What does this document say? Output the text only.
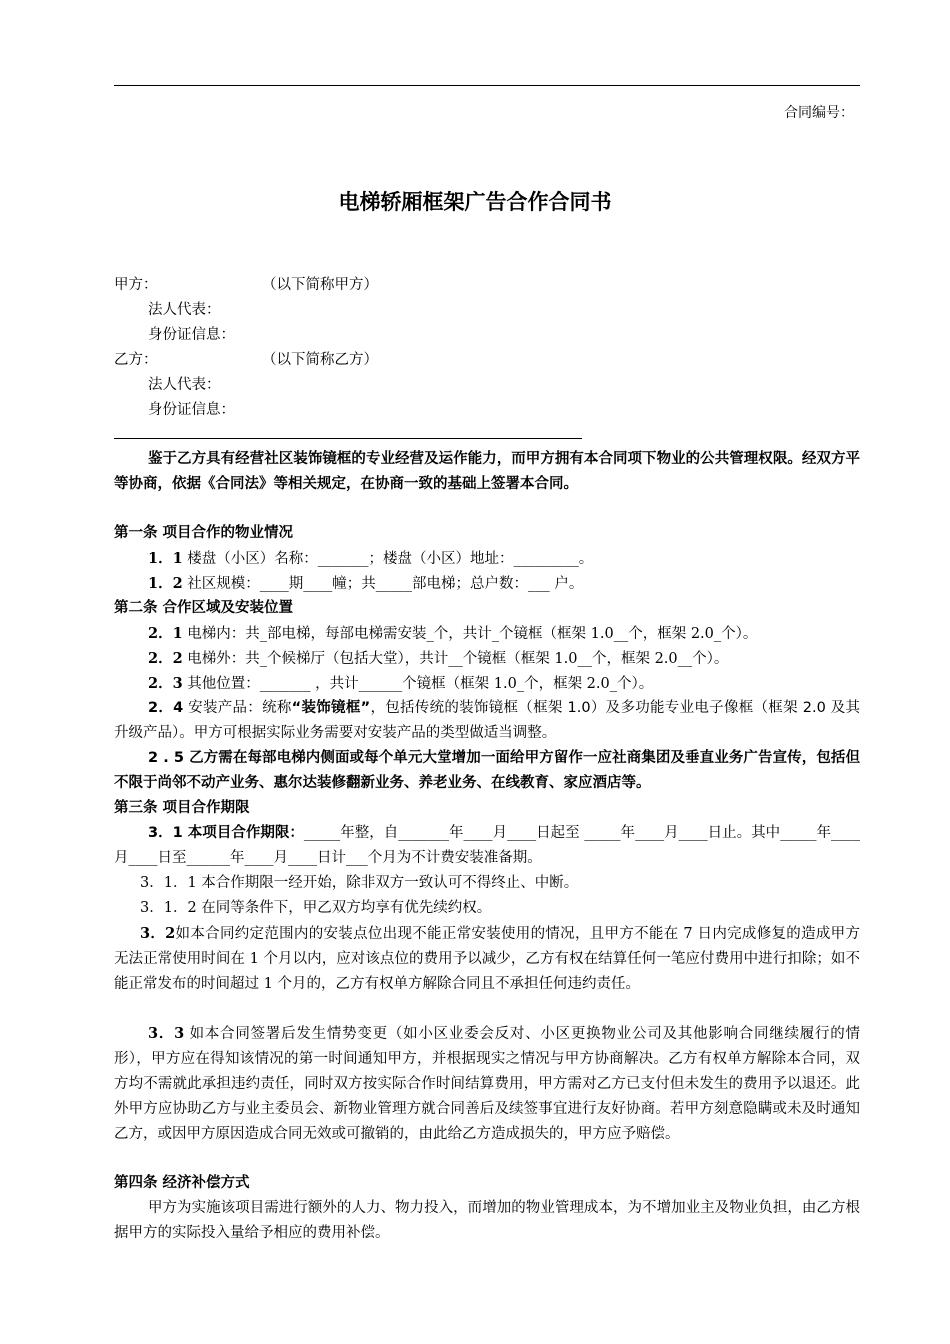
合同编号：
电梯轿厢框架广告合作合同书
甲方：	（以下简称甲方）
法人代表：
身份证信息：
乙方：	（以下简称乙方）
法人代表：
身份证信息：
鉴于乙方具有经营社区装饰镜框的专业经营及运作能力，而甲方拥有本合同项下物业的公共管理权限。经双方平等协商，依据《合同法》等相关规定，在协商一致的基础上签署本合同。
第一条 项目合作的物业情况
1．1 楼盘（小区）名称：_______；楼盘（小区）地址：_________。
1．2 社区规模：____期____幢；共_____部电梯；总户数：___ 户。
第二条 合作区域及安装位置
2．1 电梯内：共_部电梯，每部电梯需安装_个，共计_个镜框（框架 1.0__个，框架 2.0_个）。
2．2 电梯外：共_个候梯厅（包括大堂），共计__个镜框（框架 1.0__个，框架 2.0__个）。
2．3 其他位置：_______ ，共计______个镜框（框架 1.0_个，框架 2.0_个）。
2．4 安装产品：统称“装饰镜框”，包括传统的装饰镜框（框架 1.0）及多功能专业电子像框（框架 2.0 及其升级产品）。甲方可根据实际业务需要对安装产品的类型做适当调整。
2 . 5 乙方需在每部电梯内侧面或每个单元大堂增加一面给甲方留作一应社商集团及垂直业务广告宣传，包括但不限于尚邻不动产业务、惠尔达装修翻新业务、养老业务、在线教育、家应酒店等。
第三条 项目合作期限
3．1 本项目合作期限：_____年整，自_______年____月____日起至 _____年____月____日止。其中_____年____月____日至______年____月____日计___个月为不计费安装准备期。
3．1．1 本合作期限一经开始，除非双方一致认可不得终止、中断。
3．1．2 在同等条件下，甲乙双方均享有优先续约权。
3．2如本合同约定范围内的安装点位出现不能正常安装使用的情况，且甲方不能在 7 日内完成修复的造成甲方无法正常使用时间在 1 个月以内，应对该点位的费用予以减少，乙方有权在结算任何一笔应付费用中进行扣除；如不能正常发布的时间超过 1 个月的，乙方有权单方解除合同且不承担任何违约责任。
3．3 如本合同签署后发生情势变更（如小区业委会反对、小区更换物业公司及其他影响合同继续履行的情形），甲方应在得知该情况的第一时间通知甲方，并根据现实之情况与甲方协商解决。乙方有权单方解除本合同，双方均不需就此承担违约责任，同时双方按实际合作时间结算费用，甲方需对乙方已支付但未发生的费用予以退还。此外甲方应协助乙方与业主委员会、新物业管理方就合同善后及续签事宜进行友好协商。若甲方刻意隐瞒或未及时通知乙方，或因甲方原因造成合同无效或可撤销的，由此给乙方造成损失的，甲方应予赔偿。
第四条 经济补偿方式
甲方为实施该项目需进行额外的人力、物力投入，而增加的物业管理成本，为不增加业主及物业负担，由乙方根据甲方的实际投入量给予相应的费用补偿。
